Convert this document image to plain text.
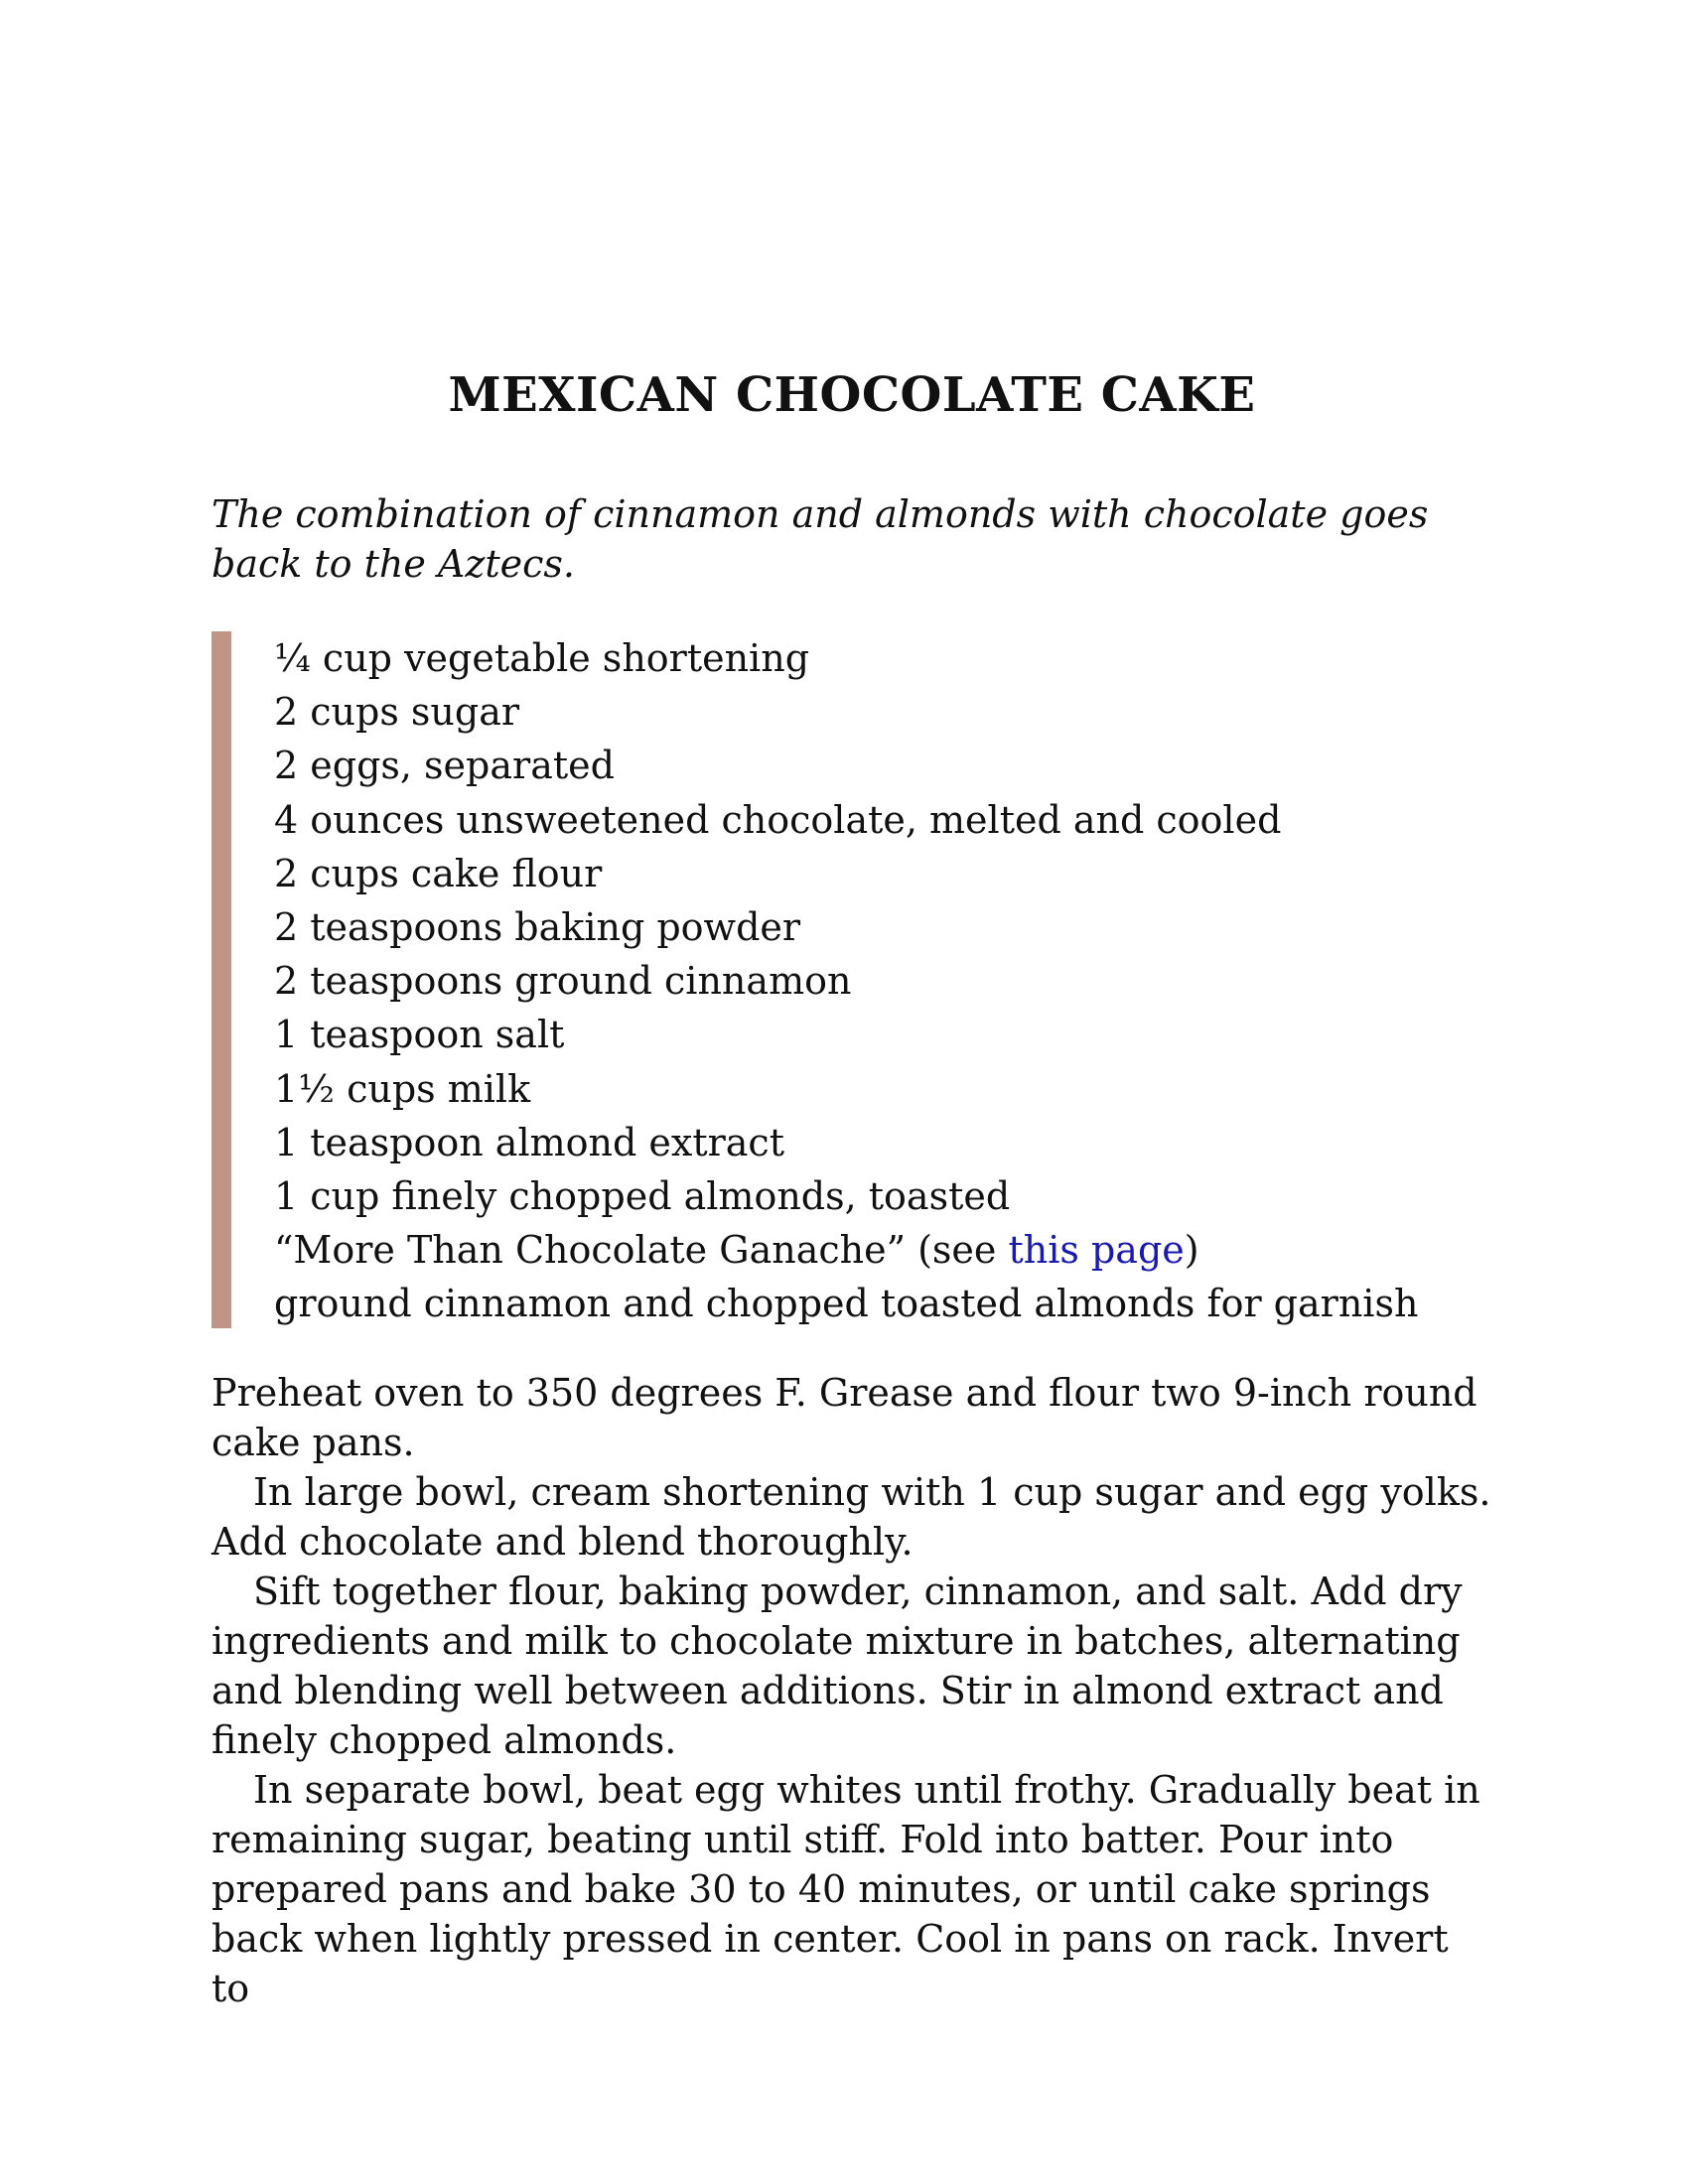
MEXICAN CHOCOLATE CAKE

The combination of cinnamon and almonds with chocolate goes back to the Aztecs.

¼ cup vegetable shortening
2 cups sugar
2 eggs, separated
4 ounces unsweetened chocolate, melted and cooled
2 cups cake flour
2 teaspoons baking powder
2 teaspoons ground cinnamon
1 teaspoon salt
1½ cups milk
1 teaspoon almond extract
1 cup finely chopped almonds, toasted
“More Than Chocolate Ganache” (see this page)
ground cinnamon and chopped toasted almonds for garnish

Preheat oven to 350 degrees F. Grease and flour two 9-inch round cake pans.

In large bowl, cream shortening with 1 cup sugar and egg yolks. Add chocolate and blend thoroughly.

Sift together flour, baking powder, cinnamon, and salt. Add dry ingredients and milk to chocolate mixture in batches, alternating and blending well between additions. Stir in almond extract and finely chopped almonds.

In separate bowl, beat egg whites until frothy. Gradually beat in remaining sugar, beating until stiff. Fold into batter. Pour into prepared pans and bake 30 to 40 minutes, or until cake springs back when lightly pressed in center. Cool in pans on rack. Invert to
